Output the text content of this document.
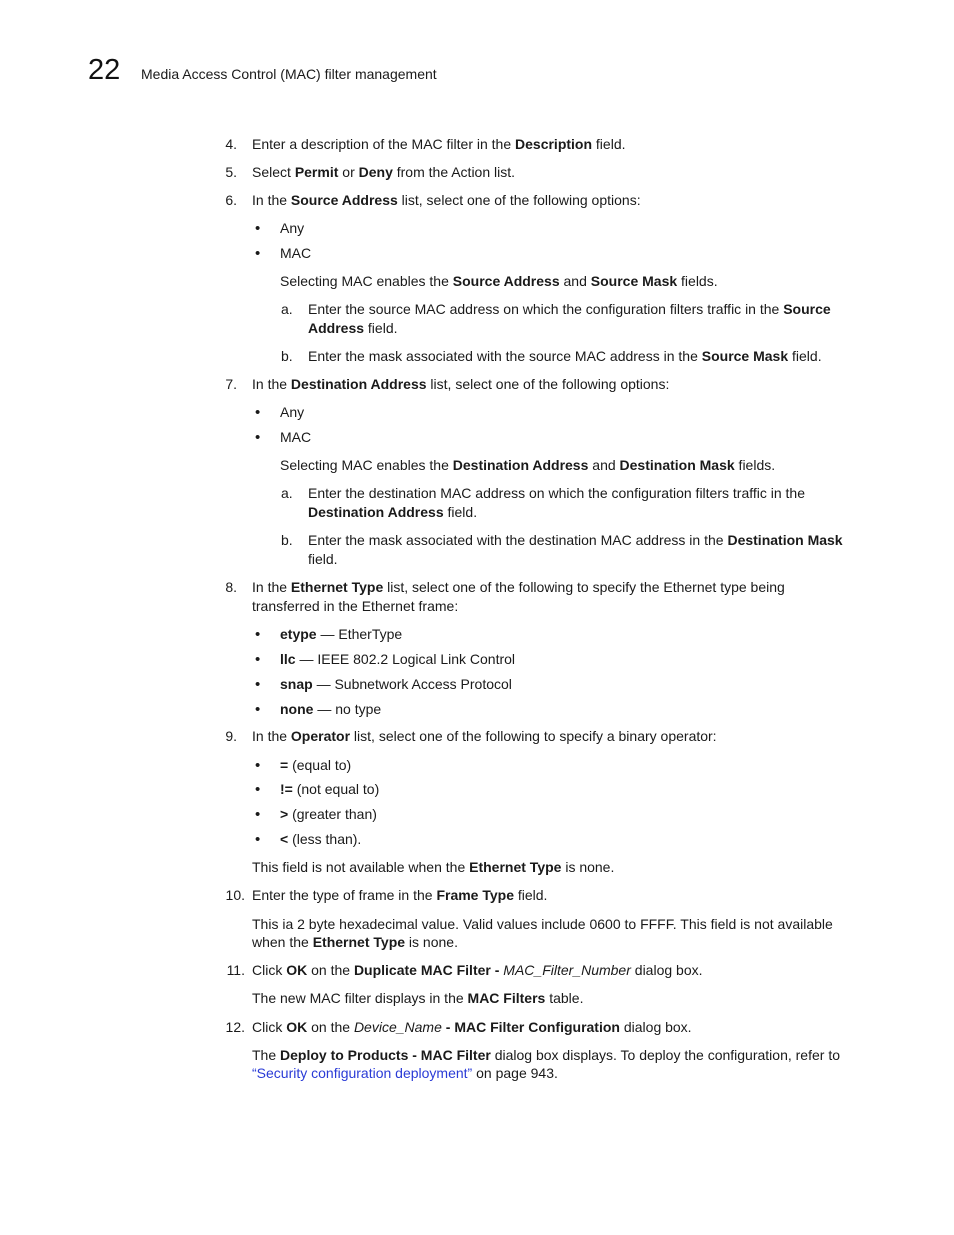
22 Media Access Control (MAC) filter management
4. Enter a description of the MAC filter in the Description field.
5. Select Permit or Deny from the Action list.
6. In the Source Address list, select one of the following options:
•
Any
•
MAC
Selecting MAC enables the Source Address and Source Mask fields.
a. Enter the source MAC address on which the configuration filters traffic in the Source
Address field.
b. Enter the mask associated with the source MAC address in the Source Mask field.
7. In the Destination Address list, select one of the following options:
•
Any
•
MAC
Selecting MAC enables the Destination Address and Destination Mask fields.
a. Enter the destination MAC address on which the configuration filters traffic in the
Destination Address field.
b. Enter the mask associated with the destination MAC address in the Destination Mask
field.
8. In the Ethernet Type list, select one of the following to specify the Ethernet type being
transferred in the Ethernet frame:
•
etype — EtherType
•
llc — IEEE 802.2 Logical Link Control
•
snap — Subnetwork Access Protocol
•
none — no type
9. In the Operator list, select one of the following to specify a binary operator:
•
= (equal to)
•
!= (not equal to)
•
> (greater than)
•
< (less than).
This field is not available when the Ethernet Type is none.
10. Enter the type of frame in the Frame Type field.
This ia 2 byte hexadecimal value. Valid values include 0600 to FFFF. This field is not available
when the Ethernet Type is none.
11. Click OK on the Duplicate MAC Filter - MAC_Filter_Number dialog box.
The new MAC filter displays in the MAC Filters table.
12. Click OK on the Device_Name - MAC Filter Configuration dialog box.
The Deploy to Products - MAC Filter dialog box displays. To deploy the configuration, refer to
“Security configuration deployment” on page 943.
